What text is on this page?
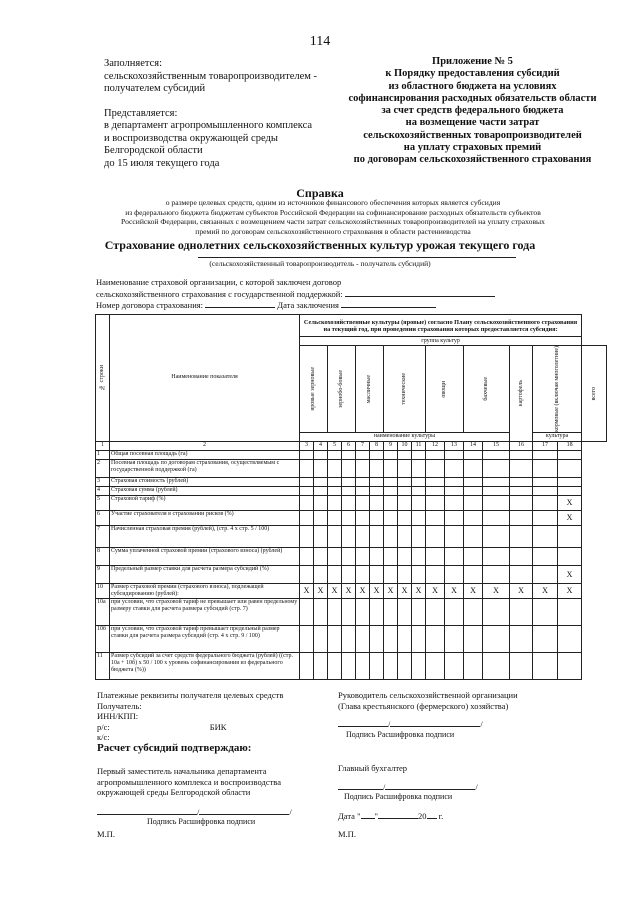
114
Заполняется:
сельскохозяйственным товаропроизводителем -
получателем субсидий
Представляется:
в департамент агропромышленного комплекса
и воспроизводства окружающей среды
Белгородской области
до 15 июля текущего года
Приложение № 5
к Порядку предоставления субсидий
из областного бюджета на условиях
софинансирования расходных обязательств области
за счет средств федерального бюджета
на возмещение части затрат
сельскохозяйственных товаропроизводителей
на уплату страховых премий
по договорам сельскохозяйственного страхования
Справка
о размере целевых средств, одним из источников финансового обеспечения которых является субсидия
из федерального бюджета бюджетам субъектов Российской Федерации на софинансирование расходных обязательств субъектов
Российской Федерации, связанных с возмещением части затрат сельскохозяйственных товаропроизводителей на уплату страховых
премий по договорам сельскохозяйственного страхования в области растениеводства
Страхование однолетних сельскохозяйственных культур урожая текущего года
(сельскохозяйственный товаропроизводитель - получатель субсидий)
Наименование страховой организации, с которой заключен договор
сельскохозяйственного страхования с государственной поддержкой:
Номер договора страхования:	Дата заключения
№ строки	Наименование показателя	Сельскохозяйственные культуры (яровые) согласно Плану сельскохозяйственного страхования на текущий год, при проведении страхования которых предоставляется субсидия:																
		группа культур																

		яровые зерновые		зернобо-бовые		масличные		технические			овощи		бахчевые		картофель	кормовые (включая многолетние)		всего

		наименование культуры														культура		
1	2	3	4	5	6	7	8	9	10	11	12	13	14	15	16	17	18	
1	Общая посевная площадь (га)																	
2	Посевная площадь по договорам страхования, осуществляемым с государственной поддержкой (га)																	
3	Страховая стоимость (рублей)																	
4	Страховая сумма (рублей)																	
5	Страховой тариф (%)																X	
6	Участие страхователя в страховании рисков (%)																X	
7	Начисленная страховая премия (рублей), (стр. 4 х стр. 5 / 100)																	
8	Сумма уплаченной страховой премии (страхового взноса) (рублей)																	
9	Предельный размер ставки для расчета размера субсидий (%)																X	
10	Размер страховой премии (страхового взноса), подлежащей субсидированию (рублей):	X	X	X	X	X	X	X	X	X	X	X	X	X	X	X	X	
10а	при условии, что страховой тариф не превышает или равен предельному размеру ставки для расчета размера субсидий (стр. 7)																	
10б	при условии, что страховой тариф превышает предельный размер ставки для расчета размера субсидий (стр. 4 х стр. 9 / 100)																	
11	Размер субсидий за счет средств федерального бюджета (рублей) ((стр. 10а + 10б) х 50 / 100 х уровень софинансирования из федерального бюджета (%))																	
Платежные реквизиты получателя целевых средств
Получатель:
ИНН/КПП:
р/с:	БИК
к/с:
Руководитель сельскохозяйственной организации
(Глава крестьянского (фермерского) хозяйства)
/	/
Подпись Расшифровка подписи
Расчет субсидий подтверждаю:
Первый заместитель начальника департамента
агропромышленного комплекса и воспроизводства
окружающей среды Белгородской области
/	/
Подпись Расшифровка подписи
Главный бухгалтер
/	/
Подпись Расшифровка подписи
Дата " "	20 г.
М.П.	М.П.
